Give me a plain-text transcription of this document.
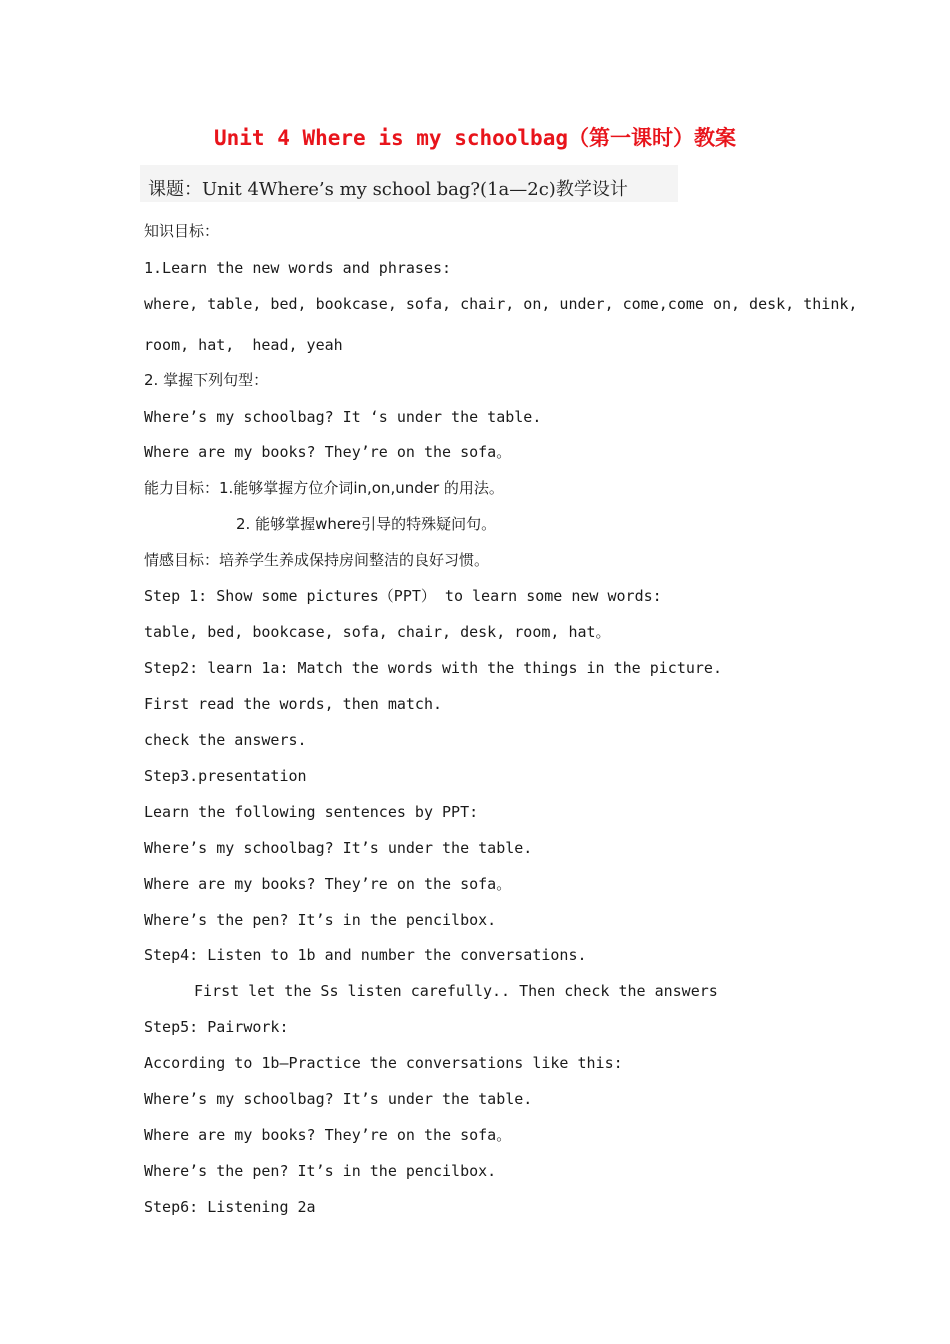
Unit 4 Where is my schoolbag（第一课时）教案
课题：Unit 4Where’s my school bag?(1a—2c)教学设计
知识目标：
1.Learn the new words and phrases:
where, table, bed, bookcase, sofa, chair, on, under, come,come on, desk, think,
room, hat,  head, yeah
2. 掌握下列句型：
Where’s my schoolbag? It ‘s under the table.
Where are my books? They’re on the sofa。
能力目标：1.能够掌握方位介词in,on,under 的用法。
2. 能够掌握where引导的特殊疑问句。
情感目标：培养学生养成保持房间整洁的良好习惯。
Step 1: Show some pictures（PPT） to learn some new words:
table, bed, bookcase, sofa, chair, desk, room, hat。
Step2: learn 1a: Match the words with the things in the picture.
First read the words, then match.
check the answers.
Step3.presentation
Learn the following sentences by PPT:
Where’s my schoolbag? It’s under the table.
Where are my books? They’re on the sofa。
Where’s the pen? It’s in the pencilbox.
Step4: Listen to 1b and number the conversations.
First let the Ss listen carefully.. Then check the answers
Step5: Pairwork:
According to 1b—Practice the conversations like this:
Where’s my schoolbag? It’s under the table.
Where are my books? They’re on the sofa。
Where’s the pen? It’s in the pencilbox.
Step6: Listening 2a
